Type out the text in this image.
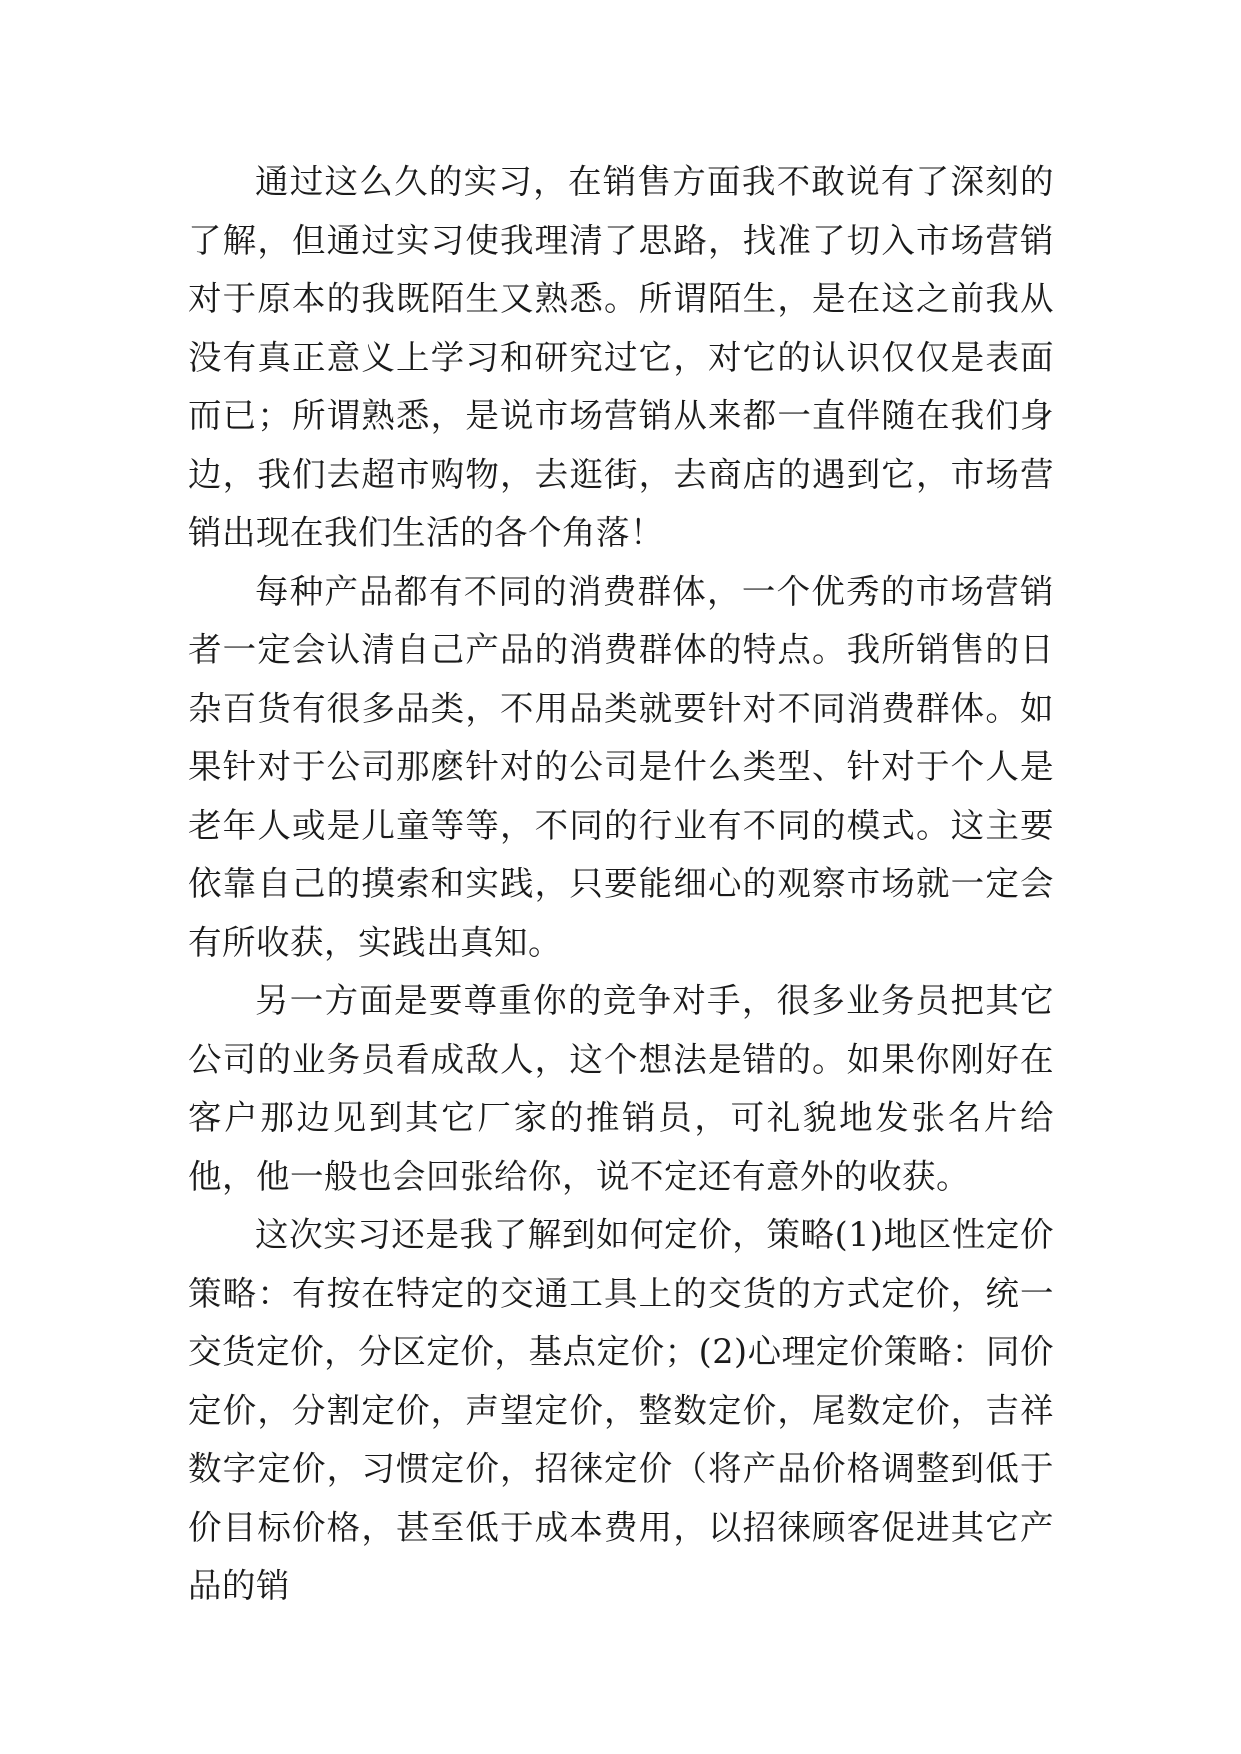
通过这么久的实习，在销售方面我不敢说有了深刻的了解，但通过实习使我理清了思路，找准了切入市场营销对于原本的我既陌生又熟悉。所谓陌生，是在这之前我从没有真正意义上学习和研究过它，对它的认识仅仅是表面而已；所谓熟悉，是说市场营销从来都一直伴随在我们身边，我们去超市购物，去逛街，去商店的遇到它，市场营销出现在我们生活的各个角落！

每种产品都有不同的消费群体，一个优秀的市场营销者一定会认清自己产品的消费群体的特点。我所销售的日杂百货有很多品类，不用品类就要针对不同消费群体。如果针对于公司那麽针对的公司是什么类型、针对于个人是老年人或是儿童等等，不同的行业有不同的模式。这主要依靠自己的摸索和实践，只要能细心的观察市场就一定会有所收获，实践出真知。

另一方面是要尊重你的竞争对手，很多业务员把其它公司的业务员看成敌人，这个想法是错的。如果你刚好在客户那边见到其它厂家的推销员，可礼貌地发张名片给他，他一般也会回张给你，说不定还有意外的收获。

这次实习还是我了解到如何定价，策略(1)地区性定价策略：有按在特定的交通工具上的交货的方式定价，统一交货定价，分区定价，基点定价；(2)心理定价策略：同价定价，分割定价，声望定价，整数定价，尾数定价，吉祥数字定价，习惯定价，招徕定价（将产品价格调整到低于价目标价格，甚至低于成本费用，以招徕顾客促进其它产品的销
